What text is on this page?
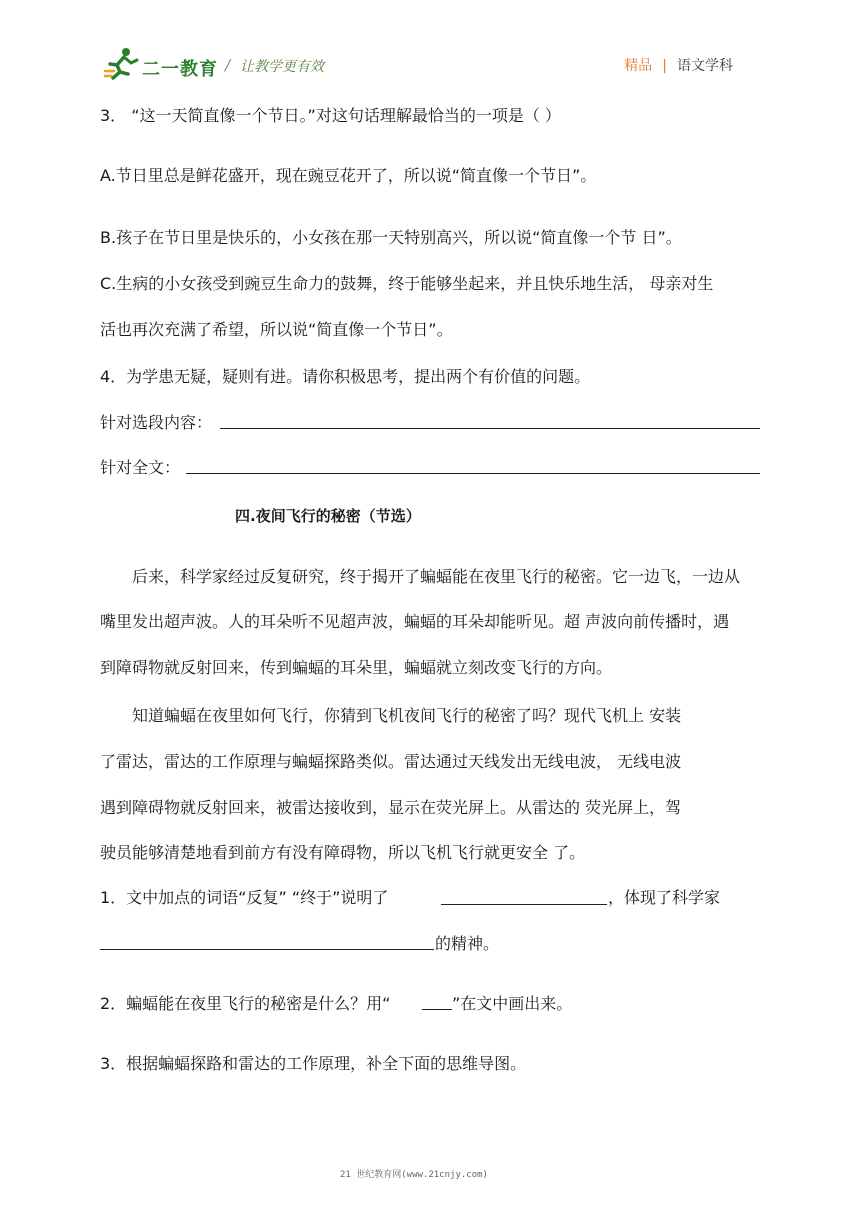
二一教育 / 让教学更有效	精品 | 语文学科
3． “这一天简直像一个节日。”对这句话理解最恰当的一项是（ ）
A.节日里总是鲜花盛开，现在豌豆花开了，所以说“简直像一个节日”。
B.孩子在节日里是快乐的，小女孩在那一天特别高兴，所以说“简直像一个节 日”。
C.生病的小女孩受到豌豆生命力的鼓舞，终于能够坐起来，并且快乐地生活， 母亲对生
活也再次充满了希望，所以说“简直像一个节日”。
4．为学患无疑，疑则有进。请你积极思考，提出两个有价值的问题。
针对选段内容：
针对全文：
四.夜间飞行的秘密（节选）
后来，科学家经过反复研究，终于揭开了蝙蝠能在夜里飞行的秘密。它一边飞，一边从
嘴里发出超声波。人的耳朵听不见超声波，蝙蝠的耳朵却能听见。超 声波向前传播时，遇
到障碍物就反射回来，传到蝙蝠的耳朵里，蝙蝠就立刻改变飞行的方向。
知道蝙蝠在夜里如何飞行，你猜到飞机夜间飞行的秘密了吗？现代飞机上 安装
了雷达，雷达的工作原理与蝙蝠探路类似。雷达通过天线发出无线电波， 无线电波
遇到障碍物就反射回来，被雷达接收到，显示在荧光屏上。从雷达的 荧光屏上，驾
驶员能够清楚地看到前方有没有障碍物，所以飞机飞行就更安全 了。
1．文中加点的词语“反复” “终于”说明了	，体现了科学家
的精神。
2．蝙蝠能在夜里飞行的秘密是什么？用“	”在文中画出来。
3．根据蝙蝠探路和雷达的工作原理，补全下面的思维导图。
21 世纪教育网(www.21cnjy.com)
